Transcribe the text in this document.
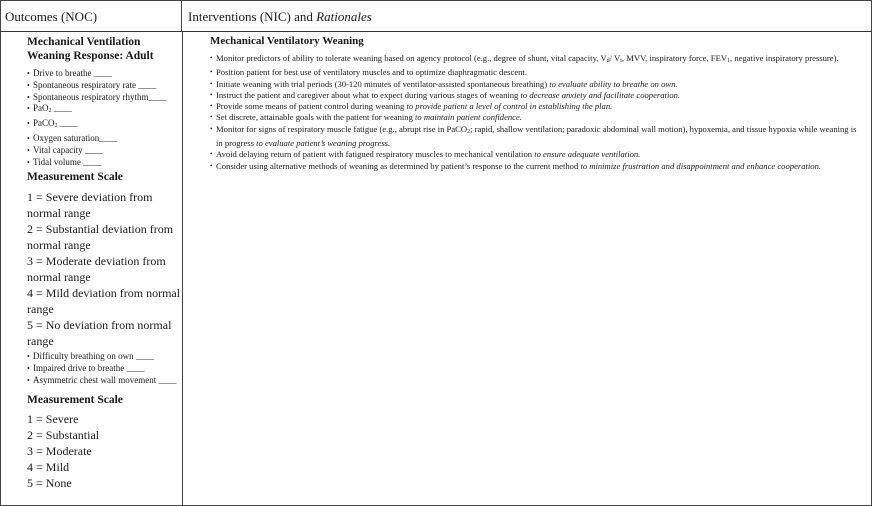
Outcomes (NOC)	Interventions (NIC) and Rationales
Mechanical Ventilation Weaning Response: Adult
• Drive to breathe ____
• Spontaneous respiratory rate ____
• Spontaneous respiratory rhythm____
• PaO2 ____
• PaCO2 ____
• Oxygen saturation____
• Vital capacity ____
• Tidal volume ____
Measurement Scale
1 = Severe deviation from normal range
2 = Substantial deviation from normal range
3 = Moderate deviation from normal range
4 = Mild deviation from normal range
5 = No deviation from normal range
• Difficulty breathing on own ____
• Impaired drive to breathe ____
• Asymmetric chest wall movement ____
Measurement Scale
1 = Severe
2 = Substantial
3 = Moderate
4 = Mild
5 = None
Mechanical Ventilatory Weaning
• Monitor predictors of ability to tolerate weaning based on agency protocol (e.g., degree of shunt, vital capacity, Vd/ Vt, MVV, inspiratory force, FEV1, negative inspiratory pressure).
• Position patient for best use of ventilatory muscles and to optimize diaphragmatic descent.
• Initiate weaning with trial periods (30-120 minutes of ventilator-assisted spontaneous breathing) to evaluate ability to breathe on own.
• Instruct the patient and caregiver about what to expect during various stages of weaning to decrease anxiety and facilitate cooperation.
• Provide some means of patient control during weaning to provide patient a level of control in establishing the plan.
• Set discrete, attainable goals with the patient for weaning to maintain patient confidence.
• Monitor for signs of respiratory muscle fatigue (e.g., abrupt rise in PaCO2; rapid, shallow ventilation; paradoxic abdominal wall motion), hypoxemia, and tissue hypoxia while weaning is in progress to evaluate patient’s weaning progress.
• Avoid delaying return of patient with fatigued respiratory muscles to mechanical ventilation to ensure adequate ventilation.
• Consider using alternative methods of weaning as determined by patient’s response to the current method to minimize frustration and disappointment and enhance cooperation.
